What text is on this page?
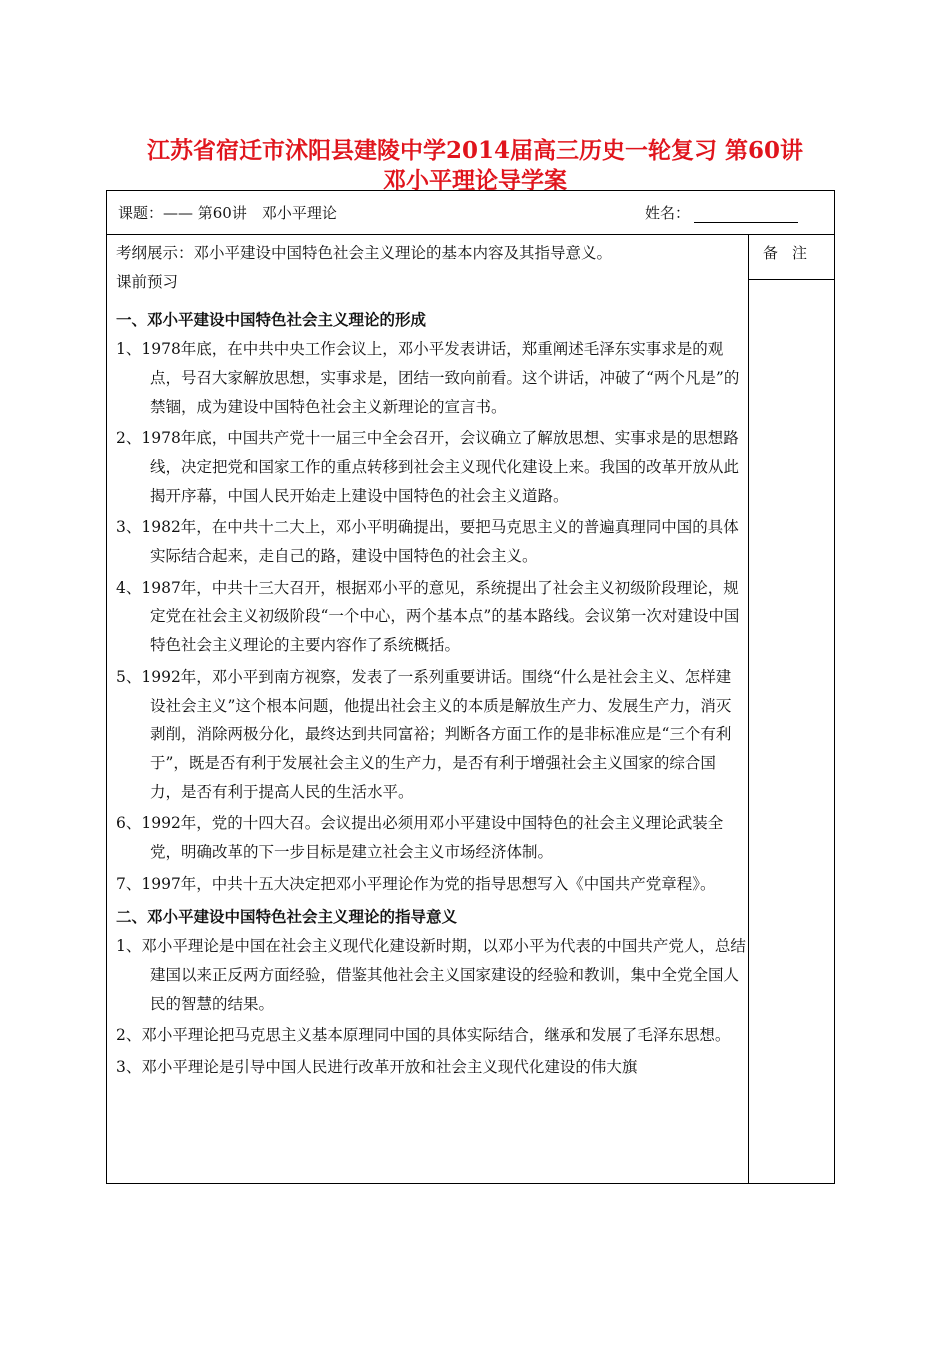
江苏省宿迁市沭阳县建陵中学2014届高三历史一轮复习 第60讲
邓小平理论导学案
课题：—— 第60讲　邓小平理论	姓名：
备注

考纲展示：邓小平建设中国特色社会主义理论的基本内容及其指导意义。

课前预习

一、邓小平建设中国特色社会主义理论的形成

1、1978年底，在中共中央工作会议上，邓小平发表讲话，郑重阐述毛泽东实事求是的观点，号召大家解放思想，实事求是，团结一致向前看。这个讲话，冲破了“两个凡是”的禁锢，成为建设中国特色社会主义新理论的宣言书。

2、1978年底，中国共产党十一届三中全会召开，会议确立了解放思想、实事求是的思想路线，决定把党和国家工作的重点转移到社会主义现代化建设上来。我国的改革开放从此揭开序幕，中国人民开始走上建设中国特色的社会主义道路。

3、1982年，在中共十二大上，邓小平明确提出，要把马克思主义的普遍真理同中国的具体实际结合起来，走自己的路，建设中国特色的社会主义。

4、1987年，中共十三大召开，根据邓小平的意见，系统提出了社会主义初级阶段理论，规定党在社会主义初级阶段“一个中心，两个基本点”的基本路线。会议第一次对建设中国特色社会主义理论的主要内容作了系统概括。

5、1992年，邓小平到南方视察，发表了一系列重要讲话。围绕“什么是社会主义、怎样建设社会主义”这个根本问题，他提出社会主义的本质是解放生产力、发展生产力，消灭剥削，消除两极分化，最终达到共同富裕；判断各方面工作的是非标准应是“三个有利于”，既是否有利于发展社会主义的生产力，是否有利于增强社会主义国家的综合国力，是否有利于提高人民的生活水平。

6、1992年，党的十四大召。会议提出必须用邓小平建设中国特色的社会主义理论武装全党，明确改革的下一步目标是建立社会主义市场经济体制。

7、1997年，中共十五大决定把邓小平理论作为党的指导思想写入《中国共产党章程》。

二、邓小平建设中国特色社会主义理论的指导意义

1、邓小平理论是中国在社会主义现代化建设新时期，以邓小平为代表的中国共产党人，总结建国以来正反两方面经验，借鉴其他社会主义国家建设的经验和教训，集中全党全国人民的智慧的结果。

2、邓小平理论把马克思主义基本原理同中国的具体实际结合，继承和发展了毛泽东思想。

3、邓小平理论是引导中国人民进行改革开放和社会主义现代化建设的伟大旗
